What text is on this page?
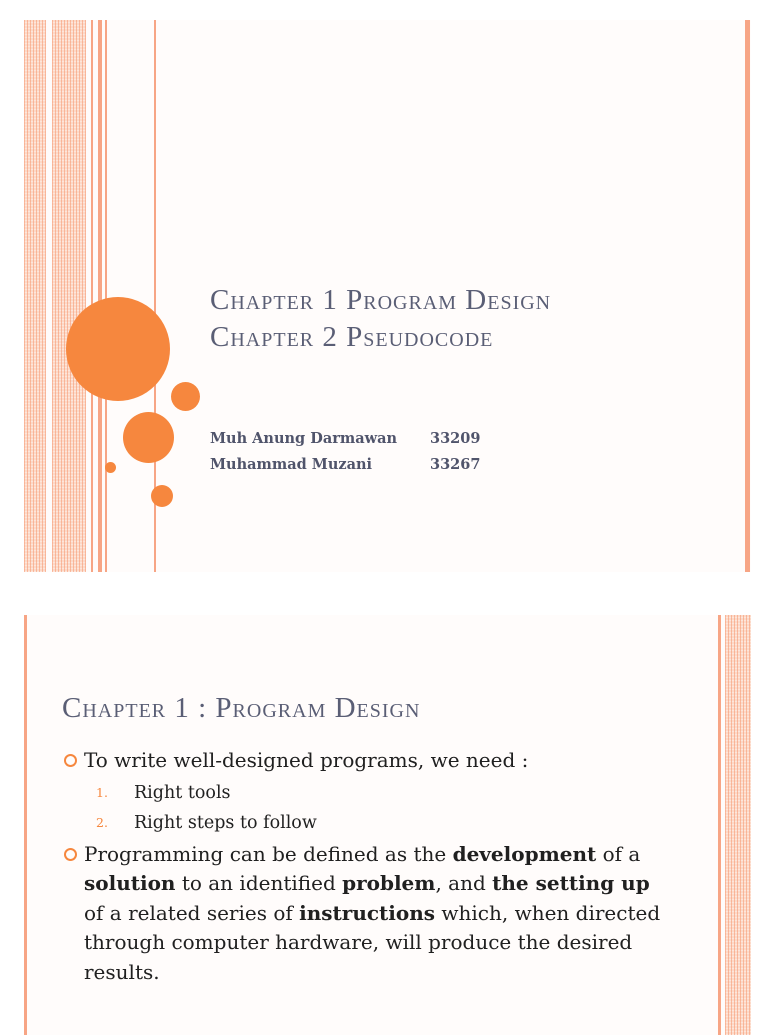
Chapter 1 Program Design
Chapter 2 Pseudocode
Muh Anung Darmawan	33209
Muhammad Muzani	33267
Chapter 1 : Program Design
To write well-designed programs, we need :
1. Right tools
2. Right steps to follow
Programming can be defined as the development of a solution to an identified problem, and the setting up of a related series of instructions which, when directed through computer hardware, will produce the desired results.
